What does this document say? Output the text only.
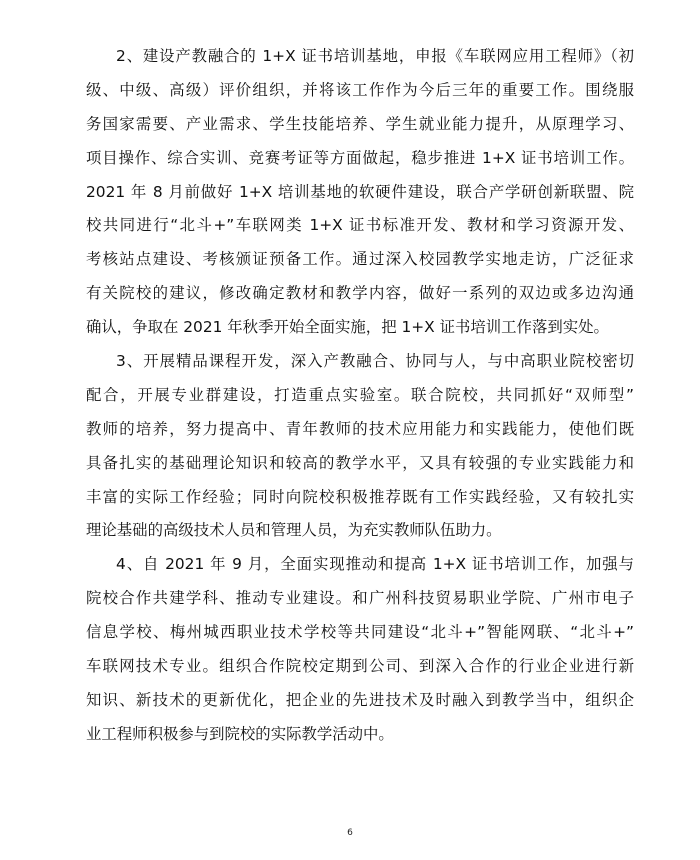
2、建设产教融合的 1+X 证书培训基地，申报《车联网应用工程师》（初
级、中级、高级）评价组织，并将该工作作为今后三年的重要工作。围绕服
务国家需要、产业需求、学生技能培养、学生就业能力提升，从原理学习、
项目操作、综合实训、竞赛考证等方面做起，稳步推进 1+X 证书培训工作。
2021 年 8 月前做好 1+X 培训基地的软硬件建设，联合产学研创新联盟、院
校共同进行“北斗+”车联网类 1+X 证书标准开发、教材和学习资源开发、
考核站点建设、考核颁证预备工作。通过深入校园教学实地走访，广泛征求
有关院校的建议，修改确定教材和教学内容，做好一系列的双边或多边沟通
确认，争取在 2021 年秋季开始全面实施，把 1+X 证书培训工作落到实处。
3、开展精品课程开发，深入产教融合、协同与人，与中高职业院校密切
配合，开展专业群建设，打造重点实验室。联合院校，共同抓好“双师型”
教师的培养，努力提高中、青年教师的技术应用能力和实践能力，使他们既
具备扎实的基础理论知识和较高的教学水平，又具有较强的专业实践能力和
丰富的实际工作经验；同时向院校积极推荐既有工作实践经验，又有较扎实
理论基础的高级技术人员和管理人员，为充实教师队伍助力。
4、自 2021 年 9 月，全面实现推动和提高 1+X 证书培训工作，加强与
院校合作共建学科、推动专业建设。和广州科技贸易职业学院、广州市电子
信息学校、梅州城西职业技术学校等共同建设“北斗+”智能网联、“北斗+”
车联网技术专业。组织合作院校定期到公司、到深入合作的行业企业进行新
知识、新技术的更新优化，把企业的先进技术及时融入到教学当中，组织企
业工程师积极参与到院校的实际教学活动中。
6
